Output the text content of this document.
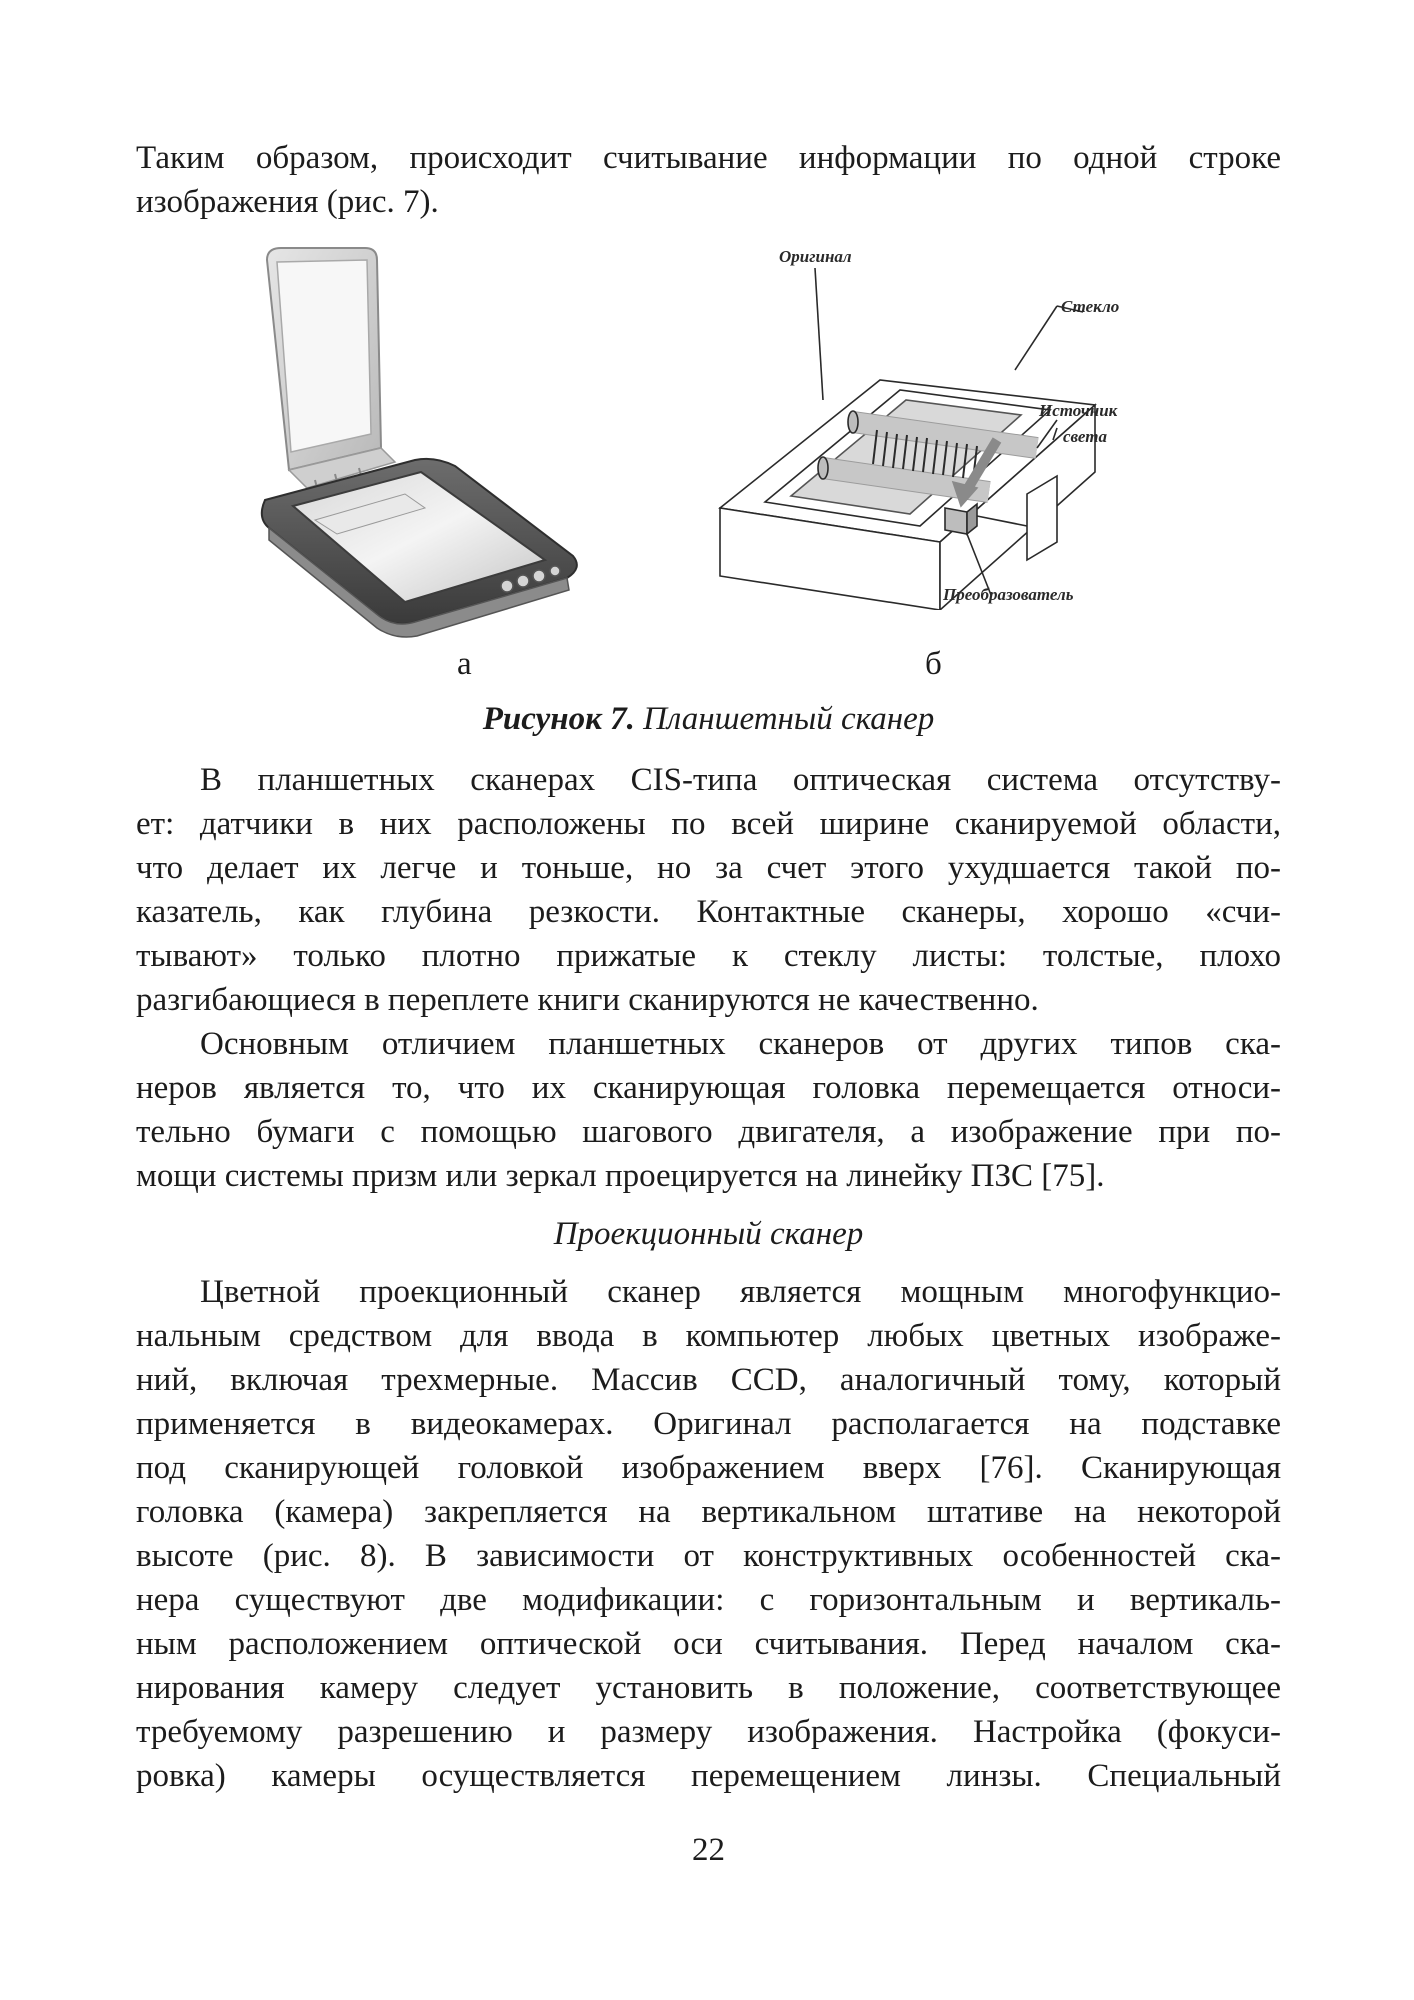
Таким образом, происходит считывание информации по одной строке
изображения (рис. 7).
Оригинал
Стекло
Источник
света
Преобразователь
а	б
Рисунок 7. Планшетный сканер
В планшетных сканерах CIS-типа оптическая система отсутству-
ет: датчики в них расположены по всей ширине сканируемой области,
что делает их легче и тоньше, но за счет этого ухудшается такой по-
казатель, как глубина резкости. Контактные сканеры, хорошо «счи-
тывают» только плотно прижатые к стеклу листы: толстые, плохо
разгибающиеся в переплете книги сканируются не качественно.
Основным отличием планшетных сканеров от других типов ска-
неров является то, что их сканирующая головка перемещается относи-
тельно бумаги с помощью шагового двигателя, а изображение при по-
мощи системы призм или зеркал проецируется на линейку ПЗС [75].
Проекционный сканер
Цветной проекционный сканер является мощным многофункцио-
нальным средством для ввода в компьютер любых цветных изображе-
ний, включая трехмерные. Массив CCD, аналогичный тому, который
применяется в видеокамерах. Оригинал располагается на подставке
под сканирующей головкой изображением вверх [76]. Сканирующая
головка (камера) закрепляется на вертикальном штативе на некоторой
высоте (рис. 8). В зависимости от конструктивных особенностей ска-
нера существуют две модификации: с горизонтальным и вертикаль-
ным расположением оптической оси считывания. Перед началом ска-
нирования камеру следует установить в положение, соответствующее
требуемому разрешению и размеру изображения. Настройка (фокуси-
ровка) камеры осуществляется перемещением линзы. Специальный
22
